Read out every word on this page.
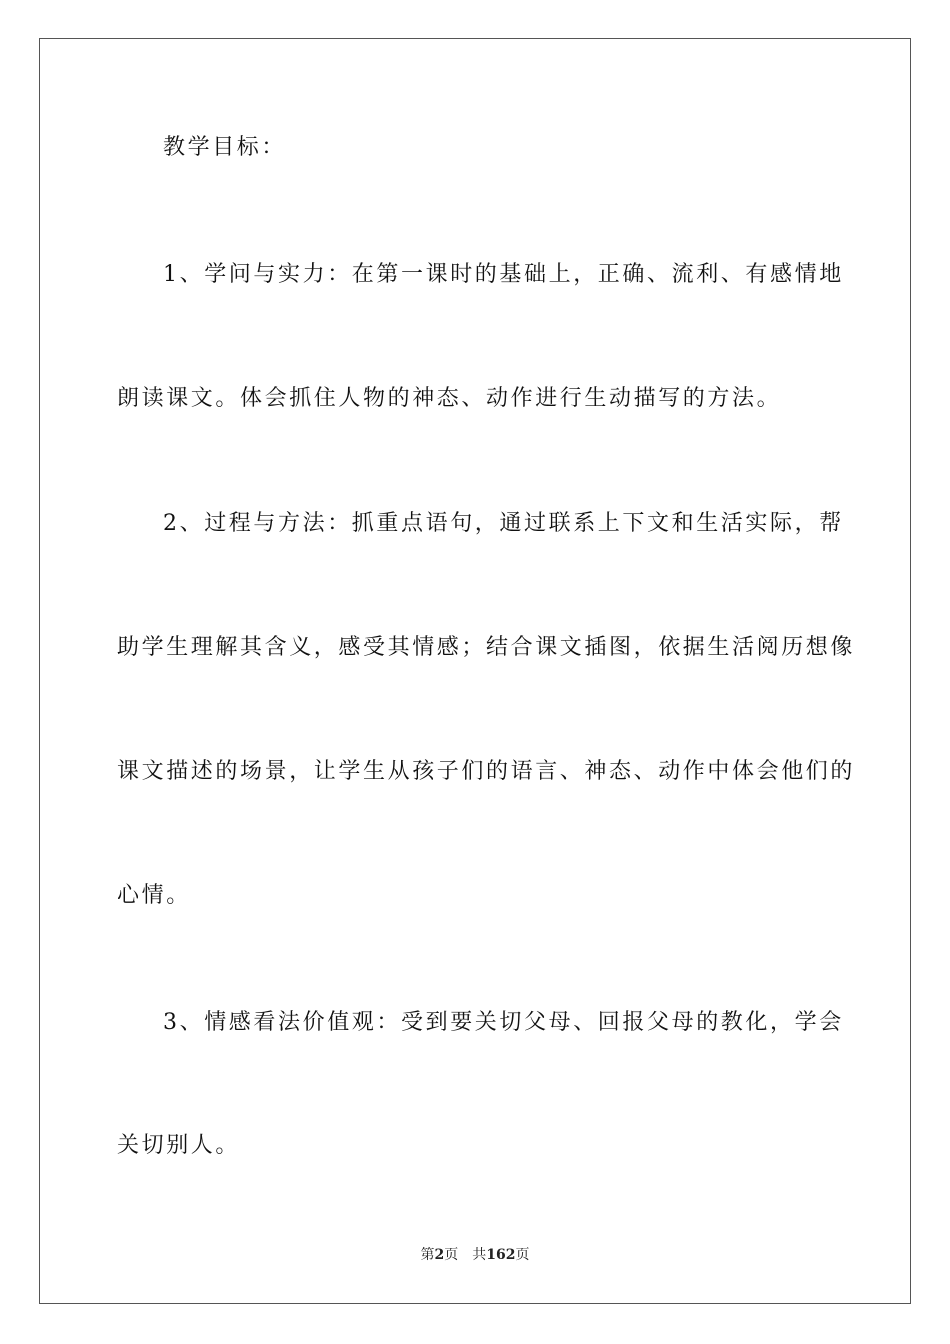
教学目标：
1、学问与实力：在第一课时的基础上，正确、流利、有感情地
朗读课文。体会抓住人物的神态、动作进行生动描写的方法。
2、过程与方法：抓重点语句，通过联系上下文和生活实际，帮
助学生理解其含义，感受其情感；结合课文插图，依据生活阅历想像
课文描述的场景，让学生从孩子们的语言、神态、动作中体会他们的
心情。
3、情感看法价值观：受到要关切父母、回报父母的教化，学会
关切别人。
第2页 共162页
